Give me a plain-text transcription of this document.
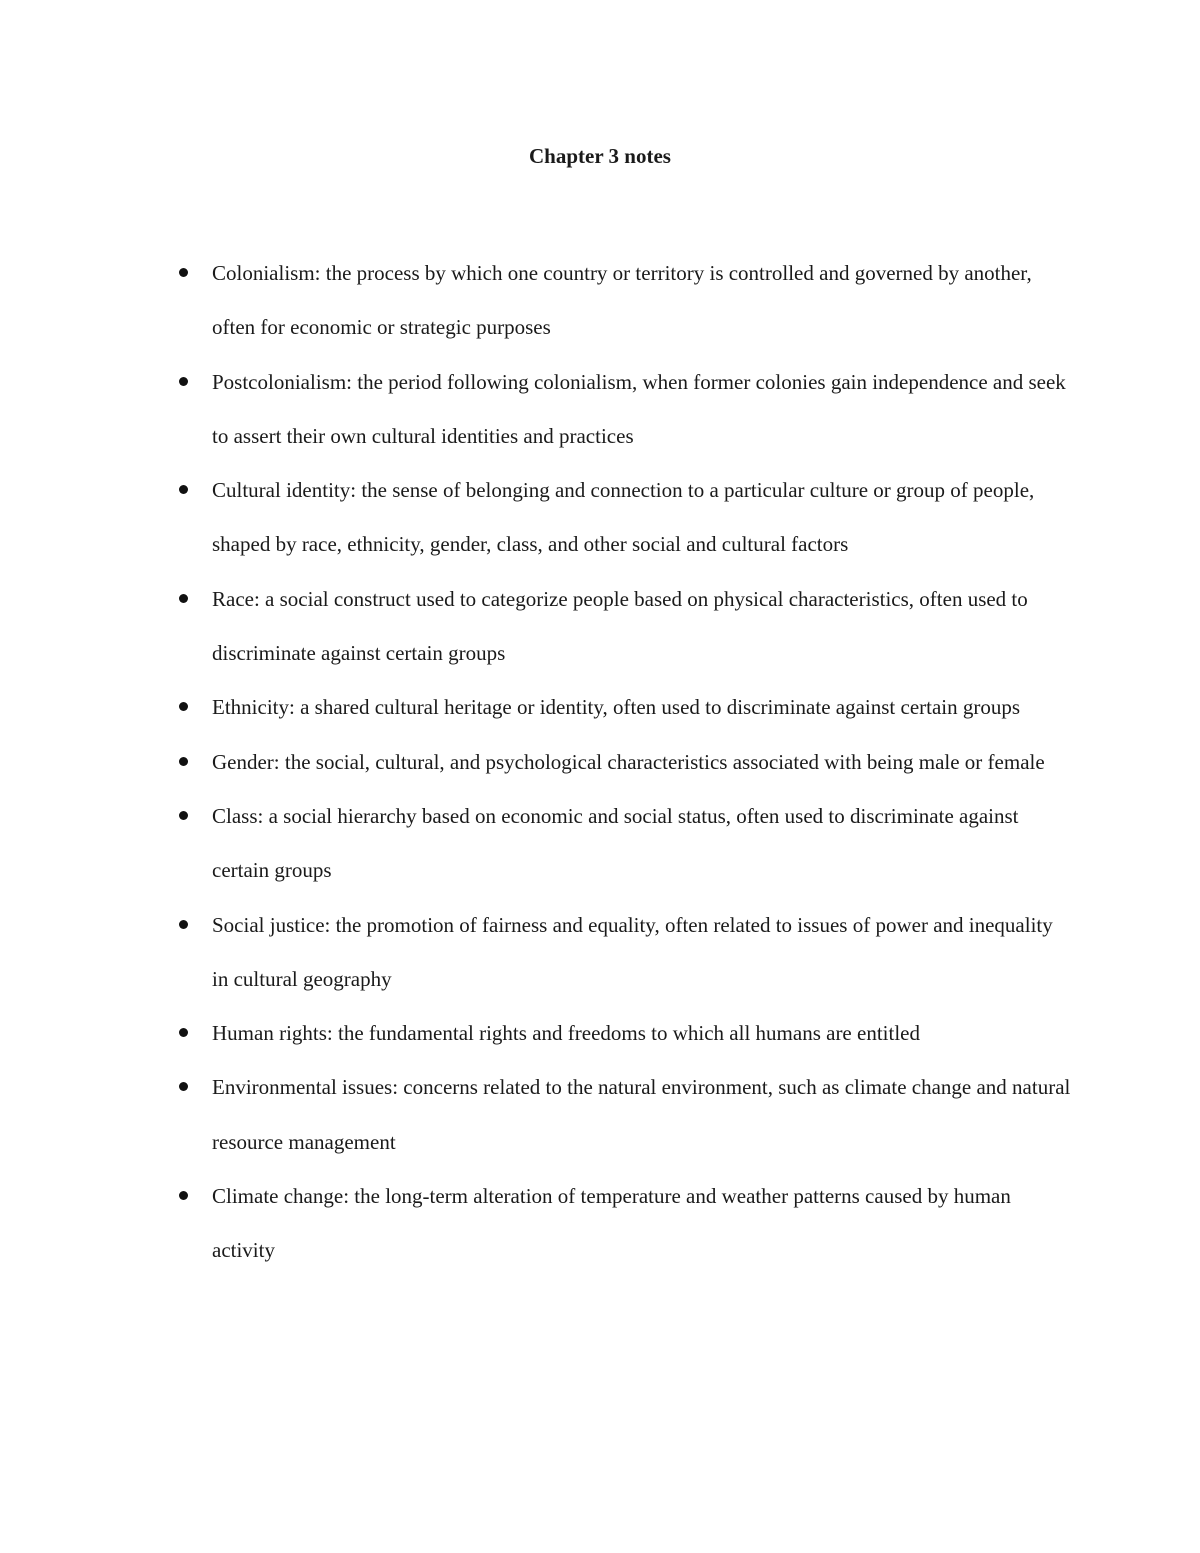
Chapter 3 notes
Colonialism: the process by which one country or territory is controlled and governed by another, often for economic or strategic purposes
Postcolonialism: the period following colonialism, when former colonies gain independence and seek to assert their own cultural identities and practices
Cultural identity: the sense of belonging and connection to a particular culture or group of people, shaped by race, ethnicity, gender, class, and other social and cultural factors
Race: a social construct used to categorize people based on physical characteristics, often used to discriminate against certain groups
Ethnicity: a shared cultural heritage or identity, often used to discriminate against certain groups
Gender: the social, cultural, and psychological characteristics associated with being male or female
Class: a social hierarchy based on economic and social status, often used to discriminate against certain groups
Social justice: the promotion of fairness and equality, often related to issues of power and inequality in cultural geography
Human rights: the fundamental rights and freedoms to which all humans are entitled
Environmental issues: concerns related to the natural environment, such as climate change and natural resource management
Climate change: the long-term alteration of temperature and weather patterns caused by human activity
